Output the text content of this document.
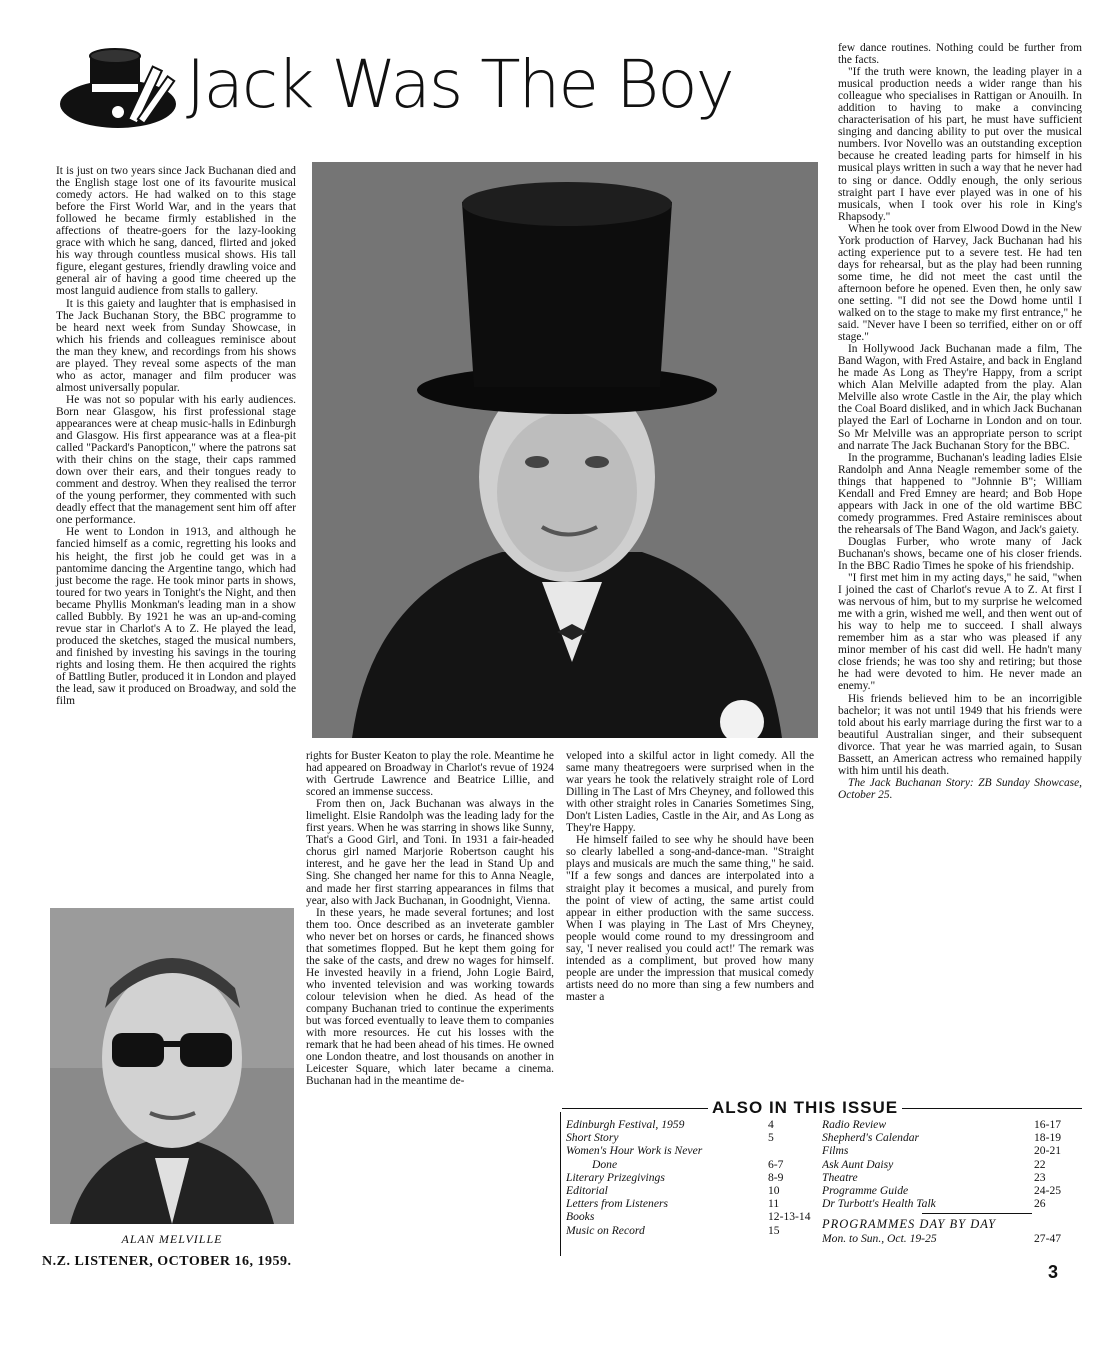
Jack Was The Boy
ALAN MELVILLE

It is just on two years since Jack Buchanan died and the English stage lost one of its favourite musical comedy actors. He had walked on to this stage before the First World War, and in the years that followed he became firmly established in the affections of theatre-goers for the lazy-looking grace with which he sang, danced, flirted and joked his way through countless musical shows. His tall figure, elegant gestures, friendly drawling voice and general air of having a good time cheered up the most languid audience from stalls to gallery.

It is this gaiety and laughter that is emphasised in The Jack Buchanan Story, the BBC programme to be heard next week from Sunday Showcase, in which his friends and colleagues reminisce about the man they knew, and recordings from his shows are played. They reveal some aspects of the man who as actor, manager and film producer was almost universally popular.

He was not so popular with his early audiences. Born near Glasgow, his first professional stage appearances were at cheap music-halls in Edinburgh and Glasgow. His first appearance was at a flea-pit called "Packard's Panopticon," where the patrons sat with their chins on the stage, their caps rammed down over their ears, and their tongues ready to comment and destroy. When they realised the terror of the young performer, they commented with such deadly effect that the management sent him off after one performance.

He went to London in 1913, and although he fancied himself as a comic, regretting his looks and his height, the first job he could get was in a pantomime dancing the Argentine tango, which had just become the rage. He took minor parts in shows, toured for two years in Tonight's the Night, and then became Phyllis Monkman's leading man in a show called Bubbly. By 1921 he was an up-and-coming revue star in Charlot's A to Z. He played the lead, produced the sketches, staged the musical numbers, and finished by investing his savings in the touring rights and losing them. He then acquired the rights of Battling Butler, produced it in London and played the lead, saw it produced on Broadway, and sold the film

rights for Buster Keaton to play the role. Meantime he had appeared on Broadway in Charlot's revue of 1924 with Gertrude Lawrence and Beatrice Lillie, and scored an immense success.

From then on, Jack Buchanan was always in the limelight. Elsie Randolph was the leading lady for the first years. When he was starring in shows like Sunny, That's a Good Girl, and Toni. In 1931 a fair-headed chorus girl named Marjorie Robertson caught his interest, and he gave her the lead in Stand Up and Sing. She changed her name for this to Anna Neagle, and made her first starring appearances in films that year, also with Jack Buchanan, in Goodnight, Vienna.

In these years, he made several fortunes; and lost them too. Once described as an inveterate gambler who never bet on horses or cards, he financed shows that sometimes flopped. But he kept them going for the sake of the casts, and drew no wages for himself. He invested heavily in a friend, John Logie Baird, who invented television and was working towards colour television when he died. As head of the company Buchanan tried to continue the experiments but was forced eventually to leave them to companies with more resources. He cut his losses with the remark that he had been ahead of his times. He owned one London theatre, and lost thousands on another in Leicester Square, which later became a cinema. Buchanan had in the meantime de-

veloped into a skilful actor in light comedy. All the same many theatregoers were surprised when in the war years he took the relatively straight role of Lord Dilling in The Last of Mrs Cheyney, and followed this with other straight roles in Canaries Sometimes Sing, Don't Listen Ladies, Castle in the Air, and As Long as They're Happy.

He himself failed to see why he should have been so clearly labelled a song-and-dance-man. "Straight plays and musicals are much the same thing," he said. "If a few songs and dances are interpolated into a straight play it becomes a musical, and purely from the point of view of acting, the same artist could appear in either production with the same success. When I was playing in The Last of Mrs Cheyney, people would come round to my dressingroom and say, 'I never realised you could act!' The remark was intended as a compliment, but proved how many people are under the impression that musical comedy artists need do no more than sing a few numbers and master a

few dance routines. Nothing could be further from the facts.

"If the truth were known, the leading player in a musical production needs a wider range than his colleague who specialises in Rattigan or Anouilh. In addition to having to make a convincing characterisation of his part, he must have sufficient singing and dancing ability to put over the musical numbers. Ivor Novello was an outstanding exception because he created leading parts for himself in his musical plays written in such a way that he never had to sing or dance. Oddly enough, the only serious straight part I have ever played was in one of his musicals, when I took over his role in King's Rhapsody."

When he took over from Elwood Dowd in the New York production of Harvey, Jack Buchanan had his acting experience put to a severe test. He had ten days for rehearsal, but as the play had been running some time, he did not meet the cast until the afternoon before he opened. Even then, he only saw one setting. "I did not see the Dowd home until I walked on to the stage to make my first entrance," he said. "Never have I been so terrified, either on or off stage."

In Hollywood Jack Buchanan made a film, The Band Wagon, with Fred Astaire, and back in England he made As Long as They're Happy, from a script which Alan Melville adapted from the play. Alan Melville also wrote Castle in the Air, the play which the Coal Board disliked, and in which Jack Buchanan played the Earl of Locharne in London and on tour. So Mr Melville was an appropriate person to script and narrate The Jack Buchanan Story for the BBC.

In the programme, Buchanan's leading ladies Elsie Randolph and Anna Neagle remember some of the things that happened to "Johnnie B"; William Kendall and Fred Emney are heard; and Bob Hope appears with Jack in one of the old wartime BBC comedy programmes. Fred Astaire reminisces about the rehearsals of The Band Wagon, and Jack's gaiety.

Douglas Furber, who wrote many of Jack Buchanan's shows, became one of his closer friends. In the BBC Radio Times he spoke of his friendship.

"I first met him in my acting days," he said, "when I joined the cast of Charlot's revue A to Z. At first I was nervous of him, but to my surprise he welcomed me with a grin, wished me well, and then went out of his way to help me to succeed. I shall always remember him as a star who was pleased if any minor member of his cast did well. He hadn't many close friends; he was too shy and retiring; but those he had were devoted to him. He never made an enemy."

His friends believed him to be an incorrigible bachelor; it was not until 1949 that his friends were told about his early marriage during the first war to a beautiful Australian singer, and their subsequent divorce. That year he was married again, to Susan Bassett, an American actress who remained happily with him until his death.

The Jack Buchanan Story: ZB Sunday Showcase, October 25.

ALSO IN THIS ISSUE
Edinburgh Festival, 1959	4
Short Story	5
Women's Hour Work is Never
Done	6-7
Literary Prizegivings	8-9
Editorial	10
Letters from Listeners	11
Books	12-13-14
Music on Record	15
Radio Review	16-17
Shepherd's Calendar	18-19
Films	20-21
Ask Aunt Daisy	22
Theatre	23
Programme Guide	24-25
Dr Turbott's Health Talk	26
PROGRAMMES DAY BY DAY
Mon. to Sun., Oct. 19-25	27-47
N.Z. LISTENER, OCTOBER 16, 1959.
3
